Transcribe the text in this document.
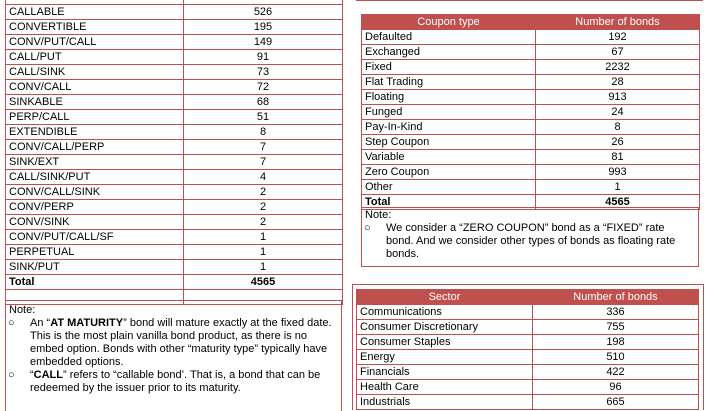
CALLABLE	526
CONVERTIBLE	195
CONV/PUT/CALL	149
CALL/PUT	91
CALL/SINK	73
CONV/CALL	72
SINKABLE	68
PERP/CALL	51
EXTENDIBLE	8
CONV/CALL/PERP	7
SINK/EXT	7
CALL/SINK/PUT	4
CONV/CALL/SINK	2
CONV/PERP	2
CONV/SINK	2
CONV/PUT/CALL/SF	1
PERPETUAL	1
SINK/PUT	1
Total	4565

Note:
○	An “AT MATURITY” bond will mature exactly at the fixed date. This is the most plain vanilla bond product, as there is no embed option. Bonds with other “maturity type” typically have embedded options.
○	“CALL” refers to “callable bond’. That is, a bond that can be redeemed by the issuer prior to its maturity.
Coupon type	Number of bonds
Defaulted	192
Exchanged	67
Fixed	2232
Flat Trading	28
Floating	913
Funged	24
Pay-In-Kind	8
Step Coupon	26
Variable	81
Zero Coupon	993
Other	1
Total	4565
Note:
○	We consider a “ZERO COUPON” bond as a “FIXED” rate bond. And we consider other types of bonds as floating rate bonds.
Sector	Number of bonds
Communications	336
Consumer Discretionary	755
Consumer Staples	198
Energy	510
Financials	422
Health Care	96
Industrials	665
